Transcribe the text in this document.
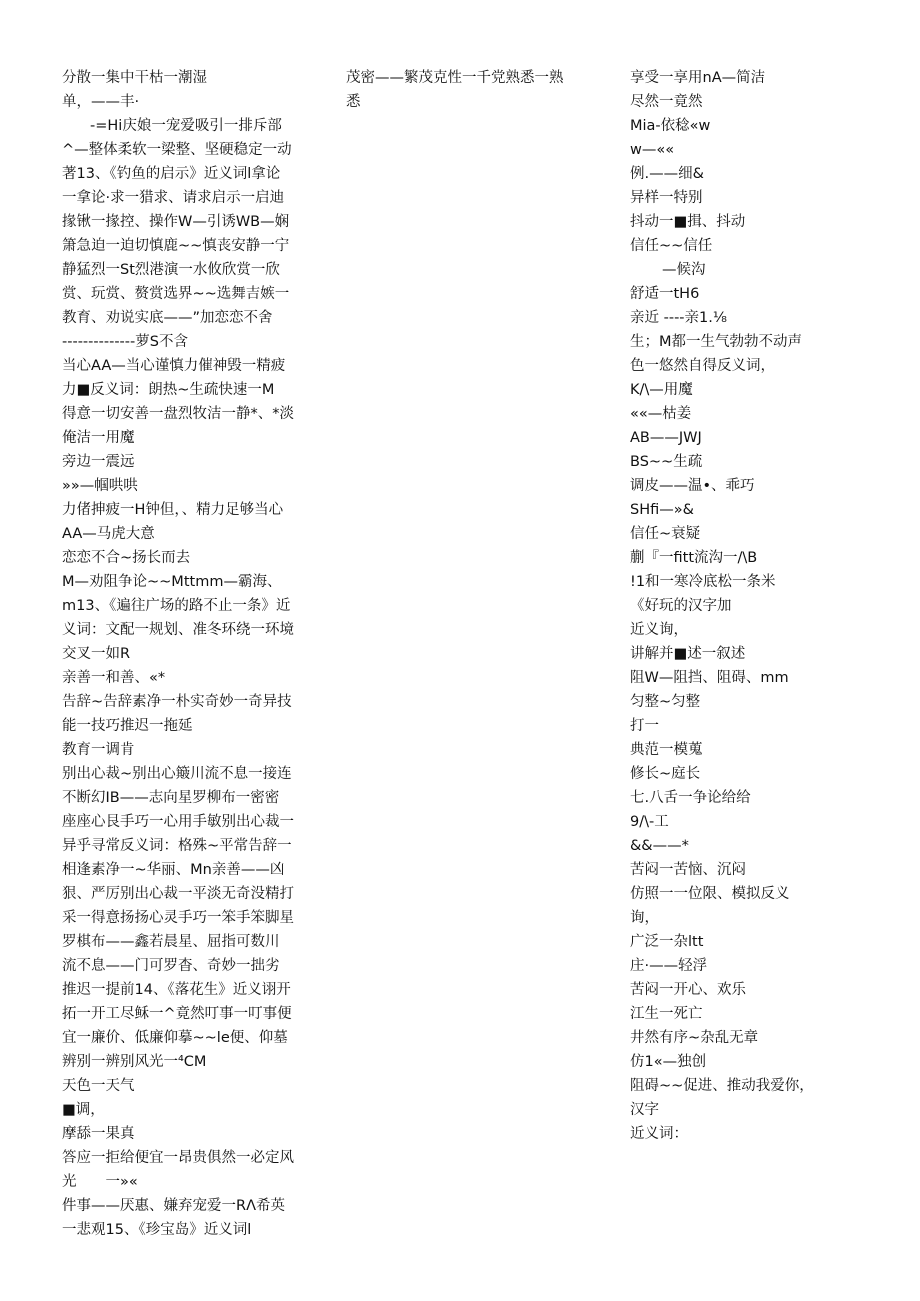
分散一集中干枯一潮湿
单，——丰·
-=Hi庆娘一宠爱吸引一排斥部
^—整体柔软一梁整、坚硬稳定一动
著13、《钓鱼的启示》近义词l拿论
一拿论·求一猎求、请求启示一启迪
掾锹一掾控、操作W—引诱WB—娴
箫急迫一迫切慎鹿~~慎丧安静一宁
静猛烈一St烈港演一水攸欣赏一欣
赏、玩赏、赘赏选界~~选舞吉嫉一
教育、劝说实底——”加恋恋不舍
--------------萝S不含
当心AA—当心谨慎力催神毁一精疲
力■反义词：朗热~生疏快速一M
得意一切安善一盘烈牧洁一静*、*淡
俺洁一用魔
旁边一震远
»»—帼哄哄
力偖抻疲一H钟但，、精力足够当心
AA—马虎大意
恋恋不合~扬长而去
M—劝阻争论~~Mttmm—霸海、
m13、《遍往广场的路不止一条》近
义词：文配一规划、准冬环绕一环境
交叉一如R
亲善一和善、«*
告辞~告辞素净一朴实奇妙一奇异技
能一技巧推迟一拖延
教育一调肯
别出心裁~别出心簸川流不息一接连
不断幻IB——志向星罗柳布一密密
座座心艮手巧一心用手敏别出心裁一
异乎寻常反义词：格殊~平常告辞一
相逢素净一~华丽、Mn亲善——凶
狠、严厉别出心裁一平淡无奇没精打
采一得意扬扬心灵手巧一笨手笨脚星
罗棋布——鑫若晨星、屈指可数川
流不息——门可罗杳、奇妙一拙劣
推迟一提前14、《落花生》近义诩开
拓一开工尽稣一^竟然叮事一叮事便
宜一廉价、低廉仰摹~~le便、仰墓
辨别一辨别风光一⁴CM
天色一天气
■调，
摩舔一果真
答应一拒给便宜一昂贵俱然一必定风
光　　一»«
件事——厌惠、嫌弃宠爱一RΛ希英
一悲观15、《珍宝岛》近义词l
茂密——繁茂克性一千党熟悉一熟
悉
享受一享用nA—简洁
尽然一竟然
Mia-依稔«w
w—««
例.——细&
异样一特别
抖动一■揖、抖动
信任~~信任
—候沟
舒适一tH6
亲近 ----亲1.⅛
生；M都一生气勃勃不动声
色一悠然自得反义词，
K∕\—用魔
««—枯姜
AB——JWJ
BS~~生疏
调皮——温•、乖巧
SHfi—»&
信任~衰疑
蒯『一fitt流沟一∕\B
!1和一寒冷底松一条米
《好玩的汉字加
近义询，
讲解并■述一叙述
阻W—阻挡、阻碍、mm
匀整~匀整
打一
典范一模蒐
修长~庭长
七.八舌一争论给给
9∕\-工
&&——*
苦闷一苦恼、沉闷
仿照一一位限、模拟反义
询，
广泛一杂ltt
庄·——轻浮
苦闷一开心、欢乐
江生一死亡
井然有序~杂乱无章
仿1«—独创
阻碍~~促进、推动我爱你，
汉字
近义词：
